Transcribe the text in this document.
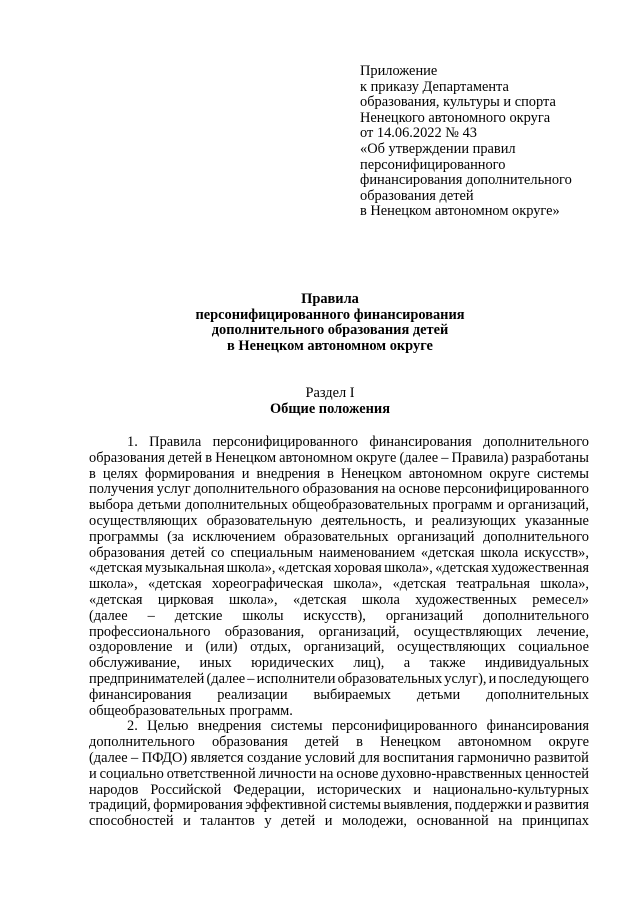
Приложение
к приказу Департамента
образования, культуры и спорта
Ненецкого автономного округа
от 14.06.2022 № 43
«Об утверждении правил
персонифицированного
финансирования дополнительного
образования детей
в Ненецком автономном округе»
Правила
персонифицированного финансирования
дополнительного образования детей
в Ненецком автономном округе
Раздел I
Общие положения
1. Правила персонифицированного финансирования дополнительного
образования детей в Ненецком автономном округе (далее – Правила) разработаны
в целях формирования и внедрения в Ненецком автономном округе системы
получения услуг дополнительного образования на основе персонифицированного
выбора детьми дополнительных общеобразовательных программ и организаций,
осуществляющих образовательную деятельность, и реализующих указанные
программы (за исключением образовательных организаций дополнительного
образования детей со специальным наименованием «детская школа искусств»,
«детская музыкальная школа», «детская хоровая школа», «детская художественная
школа», «детская хореографическая школа», «детская театральная школа»,
«детская цирковая школа», «детская школа художественных ремесел»
(далее – детские школы искусств), организаций дополнительного
профессионального образования, организаций, осуществляющих лечение,
оздоровление и (или) отдых, организаций, осуществляющих социальное
обслуживание, иных юридических лиц), а также индивидуальных
предпринимателей (далее – исполнители образовательных услуг), и последующего
финансирования реализации выбираемых детьми дополнительных
общеобразовательных программ.
2. Целью внедрения системы персонифицированного финансирования
дополнительного образования детей в Ненецком автономном округе
(далее – ПФДО) является создание условий для воспитания гармонично развитой
и социально ответственной личности на основе духовно-нравственных ценностей
народов Российской Федерации, исторических и национально-культурных
традиций, формирования эффективной системы выявления, поддержки и развития
способностей и талантов у детей и молодежи, основанной на принципах
